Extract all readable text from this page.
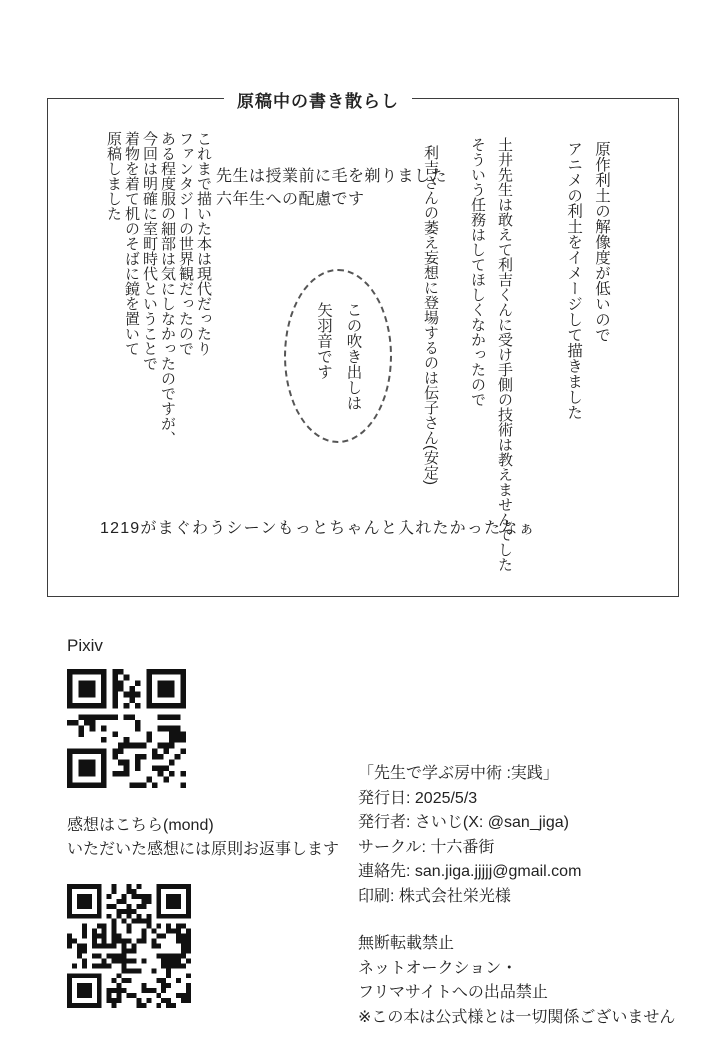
原稿中の書き散らし

原作利土の解像度が低いので

アニメの利土をイメージして描きました

土井先生は敢えて利吉くんに受け手側の技術は教えませんでした

そういう任務はしてほしくなかったので

利吉さんの萎え妄想に登場するのは伝子さん(安定)

先生は授業前に毛を剃りました

六年生への配慮です

この吹き出しは

矢羽音です

これまで描いた本は現代だったり

ファンタジーの世界観だったので

ある程度服の細部は気にしなかったのですが、

今回は明確に室町時代ということで

着物を着て机のそばに鏡を置いて

原稿しました

1219がまぐわうシーンもっとちゃんと入れたかったなぁ
Pixiv
感想はこちら(mond)
いただいた感想には原則お返事します
「先生で学ぶ房中術 :実践」
発行日: 2025/5/3
発行者: さいじ(X: @san_jiga)
サークル: 十六番街
連絡先: san.jiga.jjjjj@gmail.com
印刷: 株式会社栄光様
無断転載禁止
ネットオークション・
フリマサイトへの出品禁止
※この本は公式様とは一切関係ございません
